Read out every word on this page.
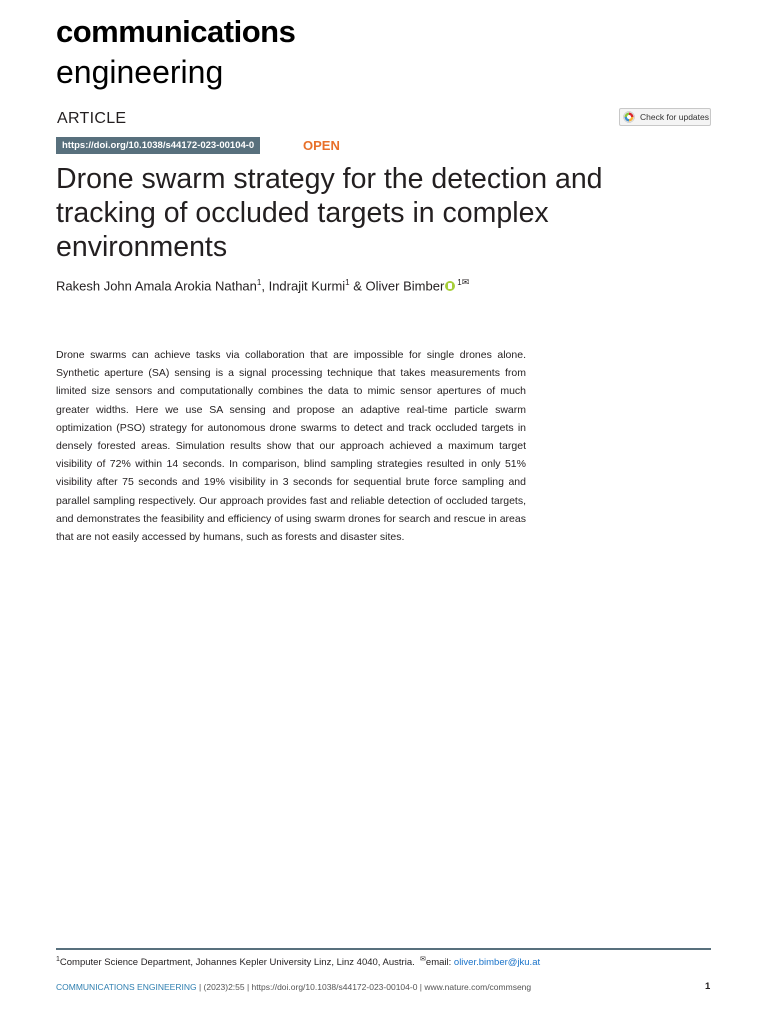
communications
engineering
ARTICLE	Check for updates
https://doi.org/10.1038/s44172-023-00104-0	OPEN
Drone swarm strategy for the detection and tracking of occluded targets in complex environments
Rakesh John Amala Arokia Nathan$^1$, Indrajit Kurmi$^1$ & Oliver Bimber $^{1✉}$

Drone swarms can achieve tasks via collaboration that are impossible for single drones alone. Synthetic aperture (SA) sensing is a signal processing technique that takes measurements from limited size sensors and computationally combines the data to mimic sensor apertures of much greater widths. Here we use SA sensing and propose an adaptive real-time particle swarm optimization (PSO) strategy for autonomous drone swarms to detect and track occluded targets in densely forested areas. Simulation results show that our approach achieved a maximum target visibility of 72% within 14 seconds. In comparison, blind sampling strategies resulted in only 51% visibility after 75 seconds and 19% visibility in 3 seconds for sequential brute force sampling and parallel sampling respectively. Our approach provides fast and reliable detection of occluded targets, and demonstrates the feasibility and efficiency of using swarm drones for search and rescue in areas that are not easily accessed by humans, such as forests and disaster sites.

$^1$Computer Science Department, Johannes Kepler University Linz, Linz 4040, Austria. ✉email: oliver.bimber@jku.at
COMMUNICATIONS ENGINEERING | (2023)2:55 | https://doi.org/10.1038/s44172-023-00104-0 | www.nature.com/commseng	1
